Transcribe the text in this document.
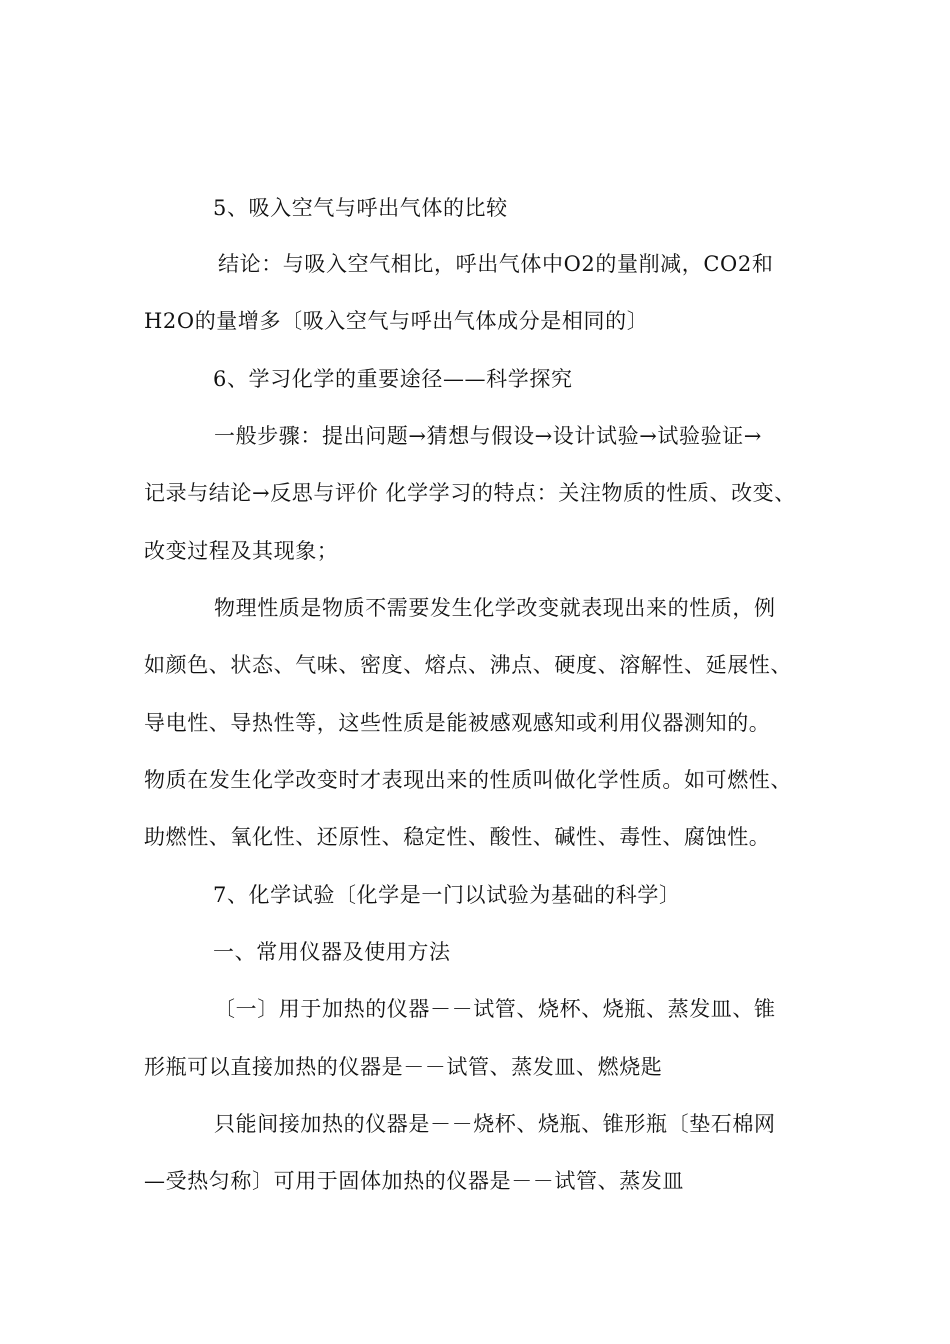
5、吸入空气与呼出气体的比较
结论：与吸入空气相比，呼出气体中O2的量削减，CO2和
H2O的量增多〔吸入空气与呼出气体成分是相同的〕
6、学习化学的重要途径——科学探究
一般步骤：提出问题→猜想与假设→设计试验→试验验证→
记录与结论→反思与评价 化学学习的特点：关注物质的性质、改变、
改变过程及其现象；
物理性质是物质不需要发生化学改变就表现出来的性质，例
如颜色、状态、气味、密度、熔点、沸点、硬度、溶解性、延展性、
导电性、导热性等，这些性质是能被感观感知或利用仪器测知的。
物质在发生化学改变时才表现出来的性质叫做化学性质。如可燃性、
助燃性、氧化性、还原性、稳定性、酸性、碱性、毒性、腐蚀性。
7、化学试验〔化学是一门以试验为基础的科学〕
一、常用仪器及使用方法
〔一〕用于加热的仪器－－试管、烧杯、烧瓶、蒸发皿、锥
形瓶可以直接加热的仪器是－－试管、蒸发皿、燃烧匙
只能间接加热的仪器是－－烧杯、烧瓶、锥形瓶〔垫石棉网
—受热匀称〕可用于固体加热的仪器是－－试管、蒸发皿
